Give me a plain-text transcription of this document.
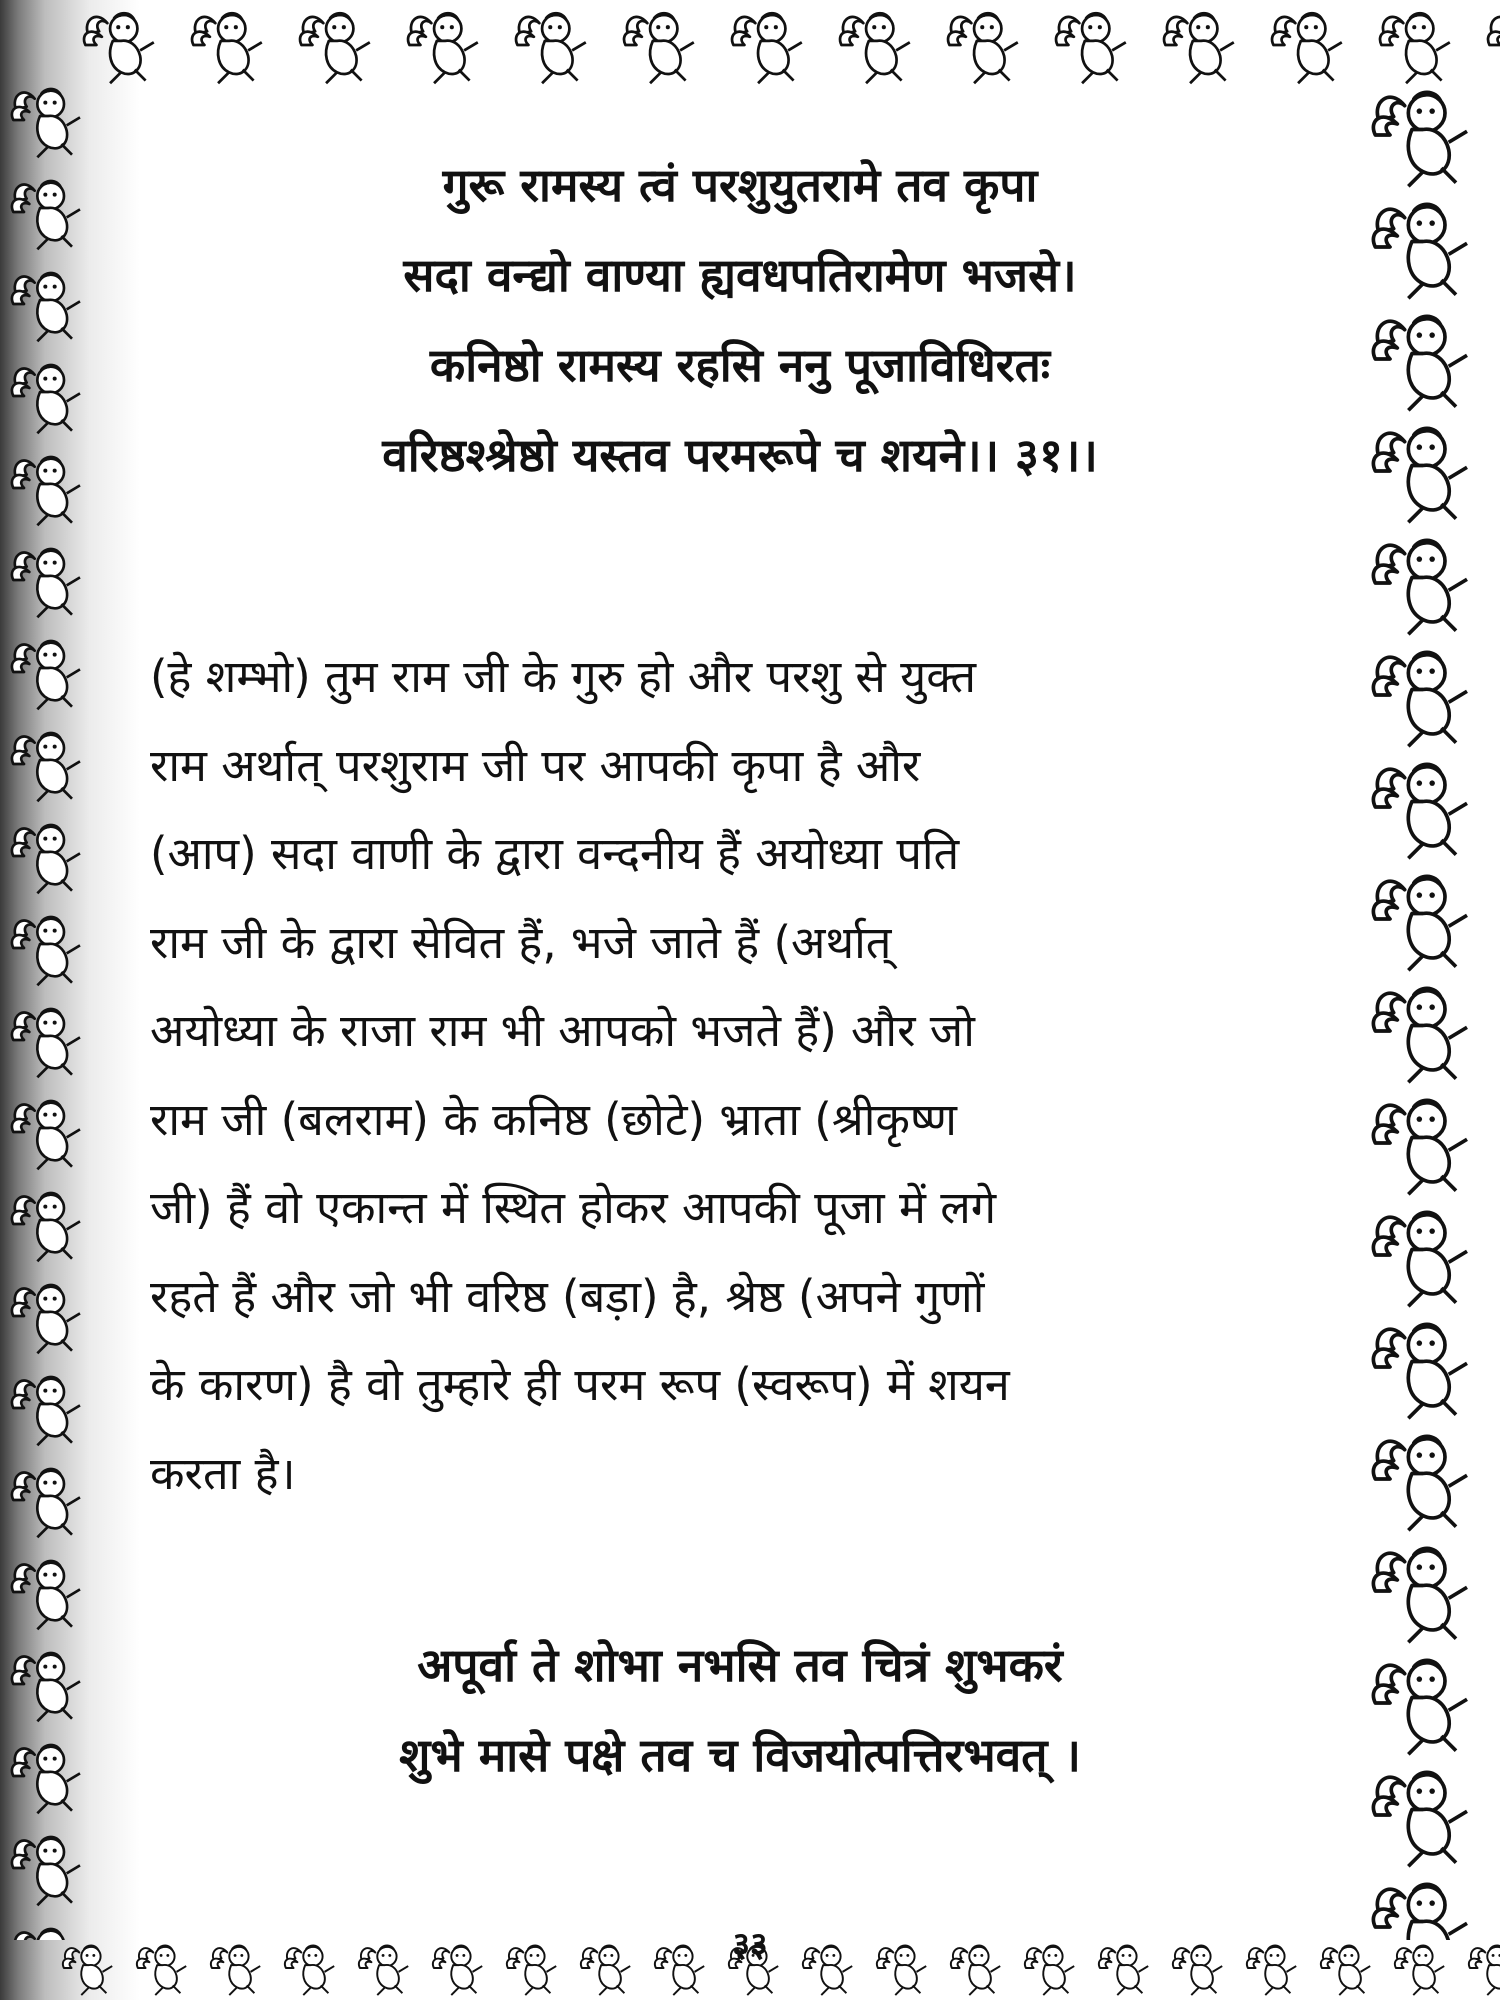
गुरू रामस्य त्वं परशुयुतरामे तव कृपा
सदा वन्द्यो वाण्या ह्यवधपतिरामेण भजसे।
कनिष्ठो रामस्य रहसि ननु पूजाविधिरतः
वरिष्ठश्श्रेष्ठो यस्तव परमरूपे च शयने।। ३१।।
(हे शम्भो) तुम राम जी के गुरु हो और परशु से युक्त
राम अर्थात् परशुराम जी पर आपकी कृपा है और
(आप) सदा वाणी के द्वारा वन्दनीय हैं अयोध्या पति
राम जी के द्वारा सेवित हैं, भजे जाते हैं (अर्थात्
अयोध्या के राजा राम भी आपको भजते हैं) और जो
राम जी (बलराम) के कनिष्ठ (छोटे) भ्राता (श्रीकृष्ण
जी) हैं वो एकान्त में स्थित होकर आपकी पूजा में लगे
रहते हैं और जो भी वरिष्ठ (बड़ा) है, श्रेष्ठ (अपने गुणों
के कारण) है वो तुम्हारे ही परम रूप (स्वरूप) में शयन
करता है।
अपूर्वा ते शोभा नभसि तव चित्रं शुभकरं
शुभे मासे पक्षे तव च विजयोत्पत्तिरभवत् ।
३३
